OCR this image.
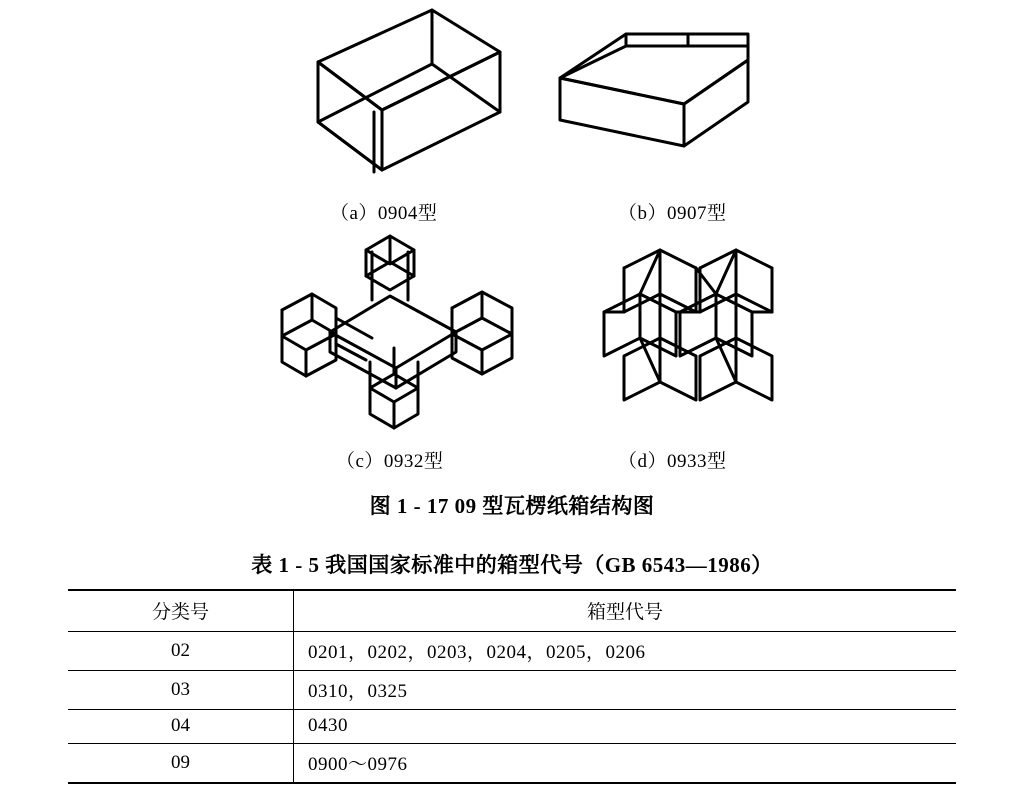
（a）0904型	（b）0907型
（c）0932型	（d）0933型
图 1 - 17 09 型瓦楞纸箱结构图
表 1 - 5 我国国家标准中的箱型代号（GB 6543—1986）
分类号	箱型代号
02	0201，0202，0203，0204，0205，0206
03	0310，0325
04	0430
09	0900～0976
